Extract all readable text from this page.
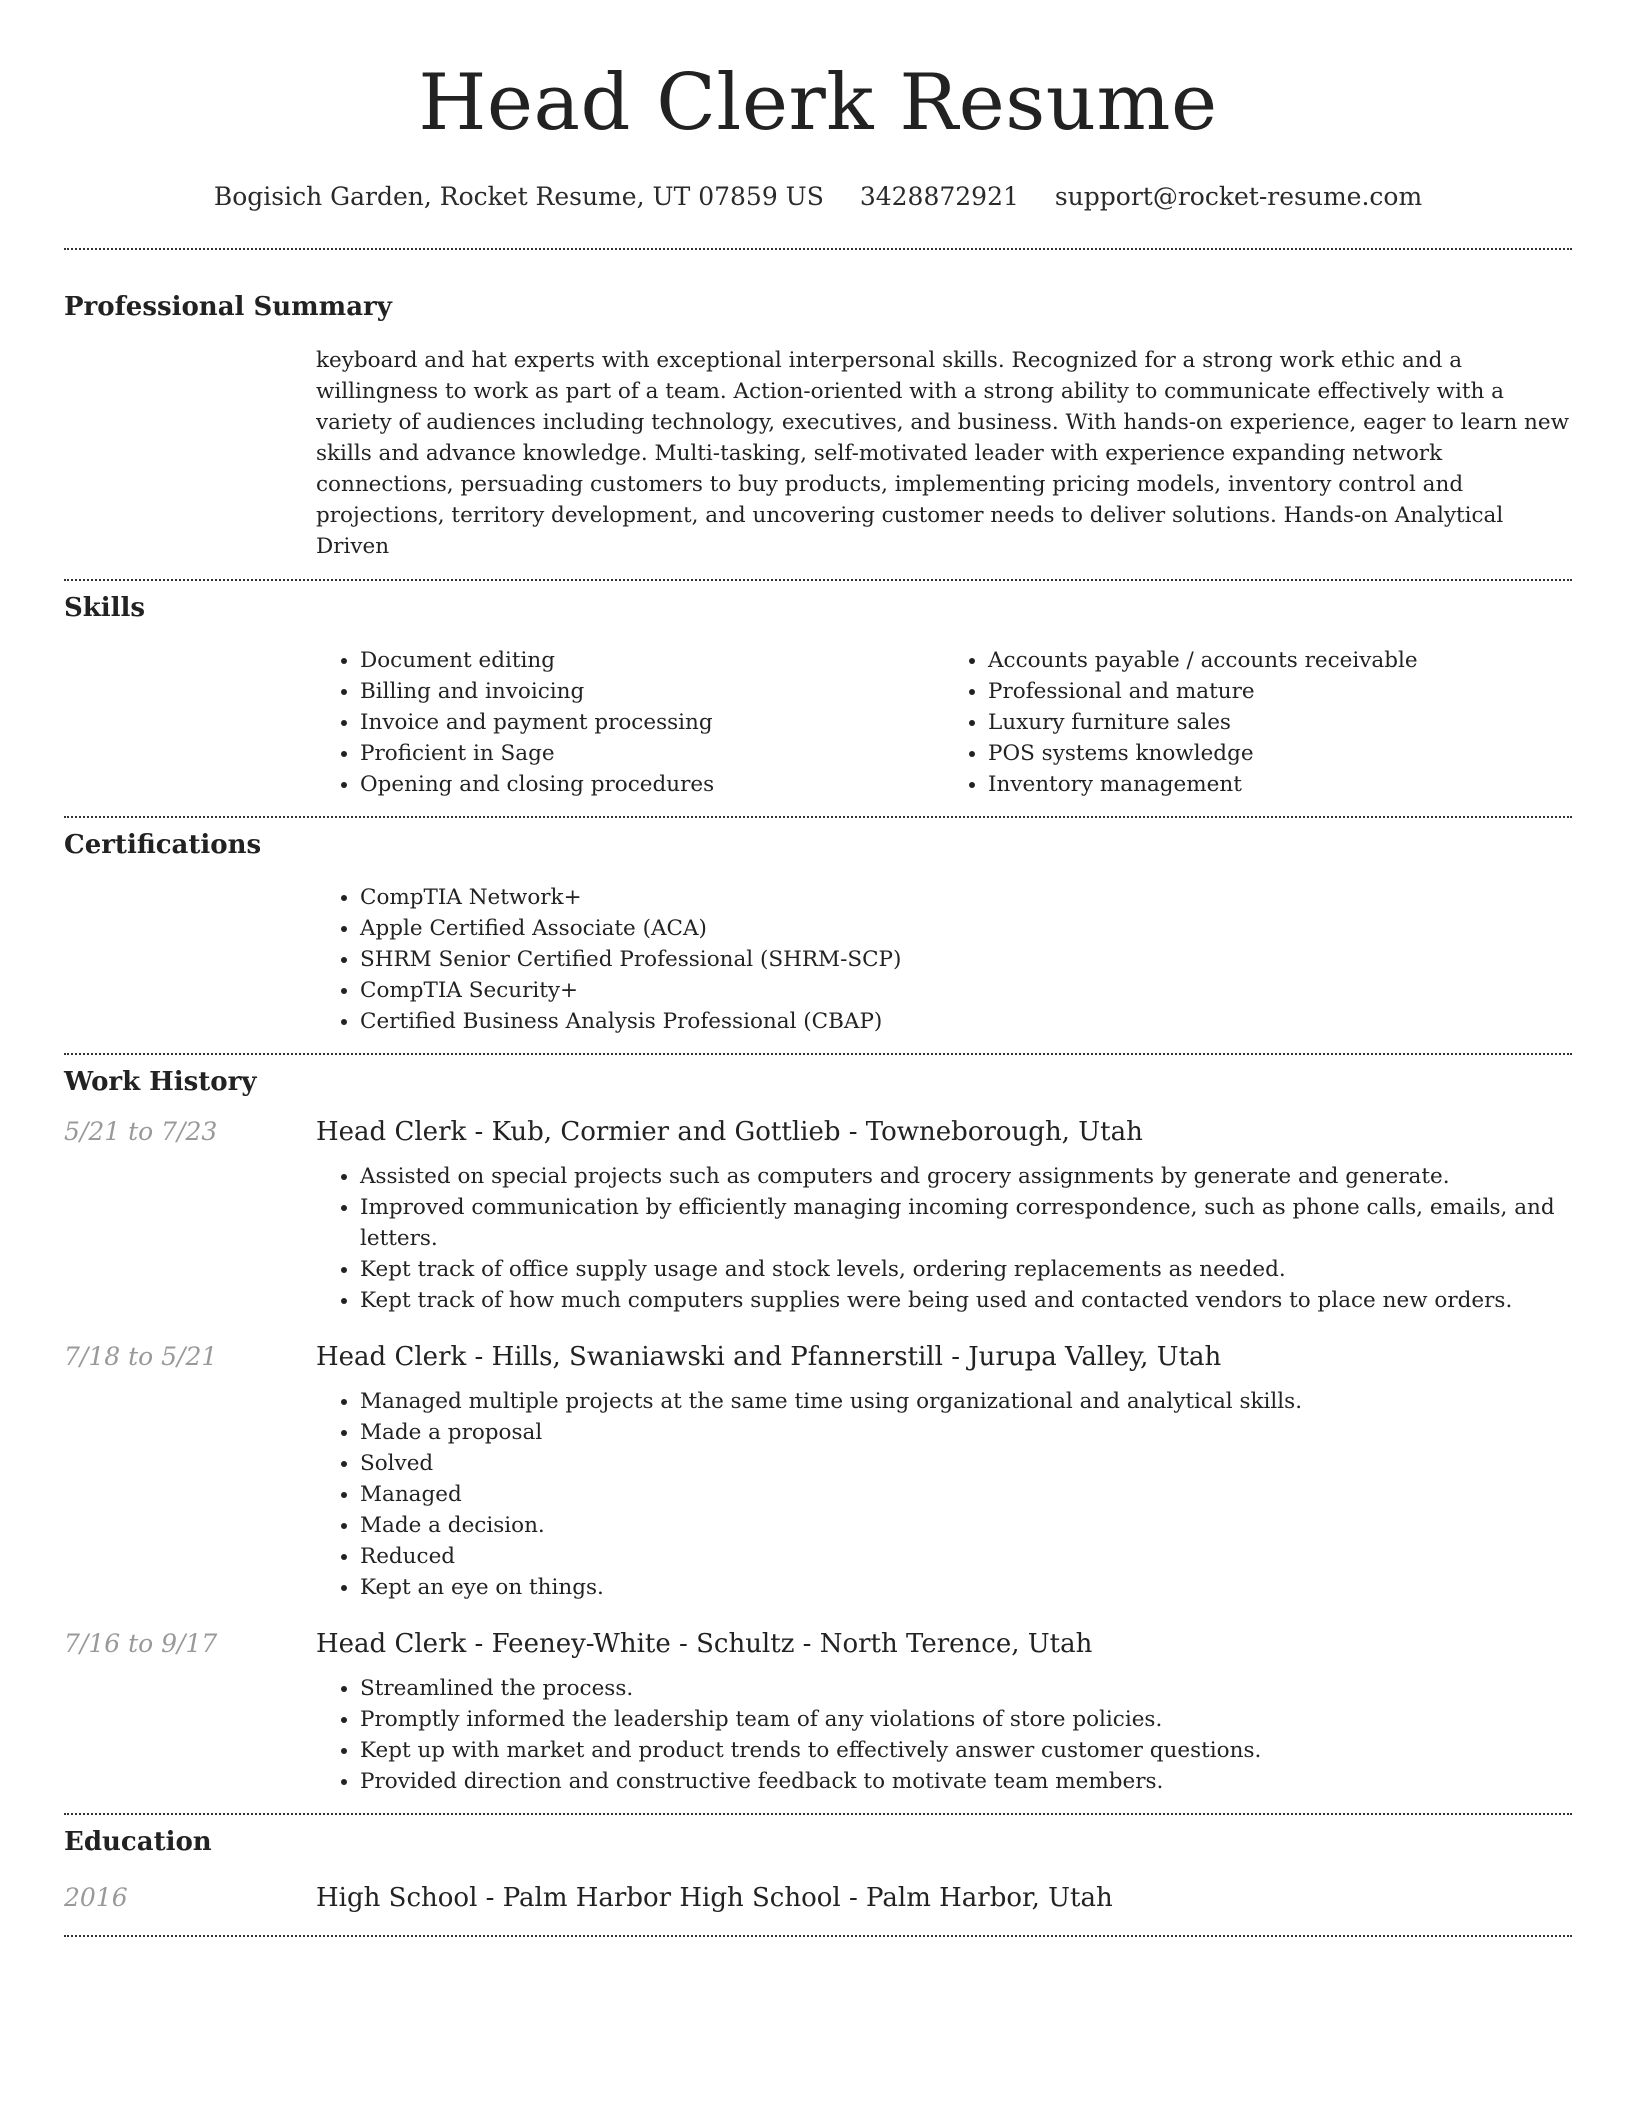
Head Clerk Resume
Bogisich Garden, Rocket Resume, UT 07859 US 3428872921 support@rocket-resume.com
Professional Summary
keyboard and hat experts with exceptional interpersonal skills. Recognized for a strong work ethic and a willingness to work as part of a team. Action-oriented with a strong ability to communicate effectively with a variety of audiences including technology, executives, and business. With hands-on experience, eager to learn new skills and advance knowledge. Multi-tasking, self-motivated leader with experience expanding network connections, persuading customers to buy products, implementing pricing models, inventory control and projections, territory development, and uncovering customer needs to deliver solutions. Hands-on Analytical Driven
Skills
• Document editing
• Billing and invoicing
• Invoice and payment processing
• Proficient in Sage
• Opening and closing procedures
• Accounts payable / accounts receivable
• Professional and mature
• Luxury furniture sales
• POS systems knowledge
• Inventory management
Certifications
• CompTIA Network+
• Apple Certified Associate (ACA)
• SHRM Senior Certified Professional (SHRM-SCP)
• CompTIA Security+
• Certified Business Analysis Professional (CBAP)
Work History
5/21 to 7/23	Head Clerk - Kub, Cormier and Gottlieb - Towneborough, Utah
• Assisted on special projects such as computers and grocery assignments by generate and generate.
• Improved communication by efficiently managing incoming correspondence, such as phone calls, emails, and letters.
• Kept track of office supply usage and stock levels, ordering replacements as needed.
• Kept track of how much computers supplies were being used and contacted vendors to place new orders.
7/18 to 5/21	Head Clerk - Hills, Swaniawski and Pfannerstill - Jurupa Valley, Utah
• Managed multiple projects at the same time using organizational and analytical skills.
• Made a proposal
• Solved
• Managed
• Made a decision.
• Reduced
• Kept an eye on things.
7/16 to 9/17	Head Clerk - Feeney-White - Schultz - North Terence, Utah
• Streamlined the process.
• Promptly informed the leadership team of any violations of store policies.
• Kept up with market and product trends to effectively answer customer questions.
• Provided direction and constructive feedback to motivate team members.
Education
2016	High School - Palm Harbor High School - Palm Harbor, Utah
